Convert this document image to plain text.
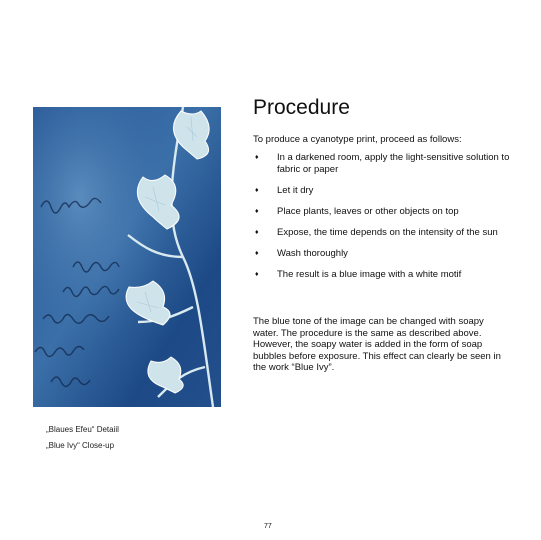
„Blaues Efeu“ Detaiil
„Blue Ivy“ Close-up
Procedure
To produce a cyanotype print, proceed as follows:
♦ In a darkened room, apply the light-sensitive solution to fabric or paper
♦ Let it dry
♦ Place plants, leaves or other objects on top
♦ Expose, the time depends on the intensity of the sun
♦ Wash thoroughly
♦ The result is a blue image with a white motif

The blue tone of the image can be changed with soapy water. The procedure is the same as described above. However, the soapy water is added in the form of soap bubbles before exposure. This effect can clearly be seen in the work “Blue Ivy”.

77
